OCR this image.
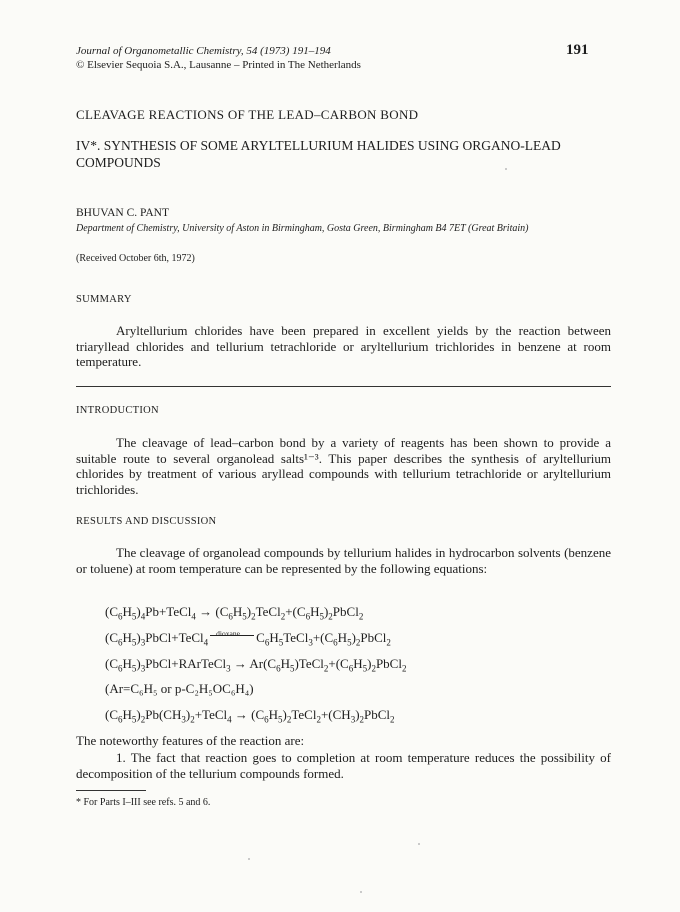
Journal of Organometallic Chemistry, 54 (1973) 191–194
© Elsevier Sequoia S.A., Lausanne – Printed in The Netherlands
191
CLEAVAGE REACTIONS OF THE LEAD–CARBON BOND
IV*. SYNTHESIS OF SOME ARYLTELLURIUM HALIDES USING ORGANO-LEAD COMPOUNDS
BHUVAN C. PANT
Department of Chemistry, University of Aston in Birmingham, Gosta Green, Birmingham B4 7ET (Great Britain)
(Received October 6th, 1972)
SUMMARY
Aryltellurium chlorides have been prepared in excellent yields by the reaction between triaryllead chlorides and tellurium tetrachloride or aryltellurium trichlorides in benzene at room temperature.
INTRODUCTION
The cleavage of lead–carbon bond by a variety of reagents has been shown to provide a suitable route to several organolead salts¹⁻³. This paper describes the synthesis of aryltellurium chlorides by treatment of various aryllead compounds with tellurium tetrachloride or aryltellurium trichlorides.
RESULTS AND DISCUSSION
The cleavage of organolead compounds by tellurium halides in hydrocarbon solvents (benzene or toluene) at room temperature can be represented by the following equations:
$(C_6H_5)_4Pb+TeCl_4$ → $(C_6H_5)_2TeCl_2+(C_6H_5)_2PbCl_2$
$(C_6H_5)_3PbCl+TeCl_4$
dioxane $C_6H_5TeCl_3+(C_6H_5)_2PbCl_2$
$(C_6H_5)_3PbCl+RArTeCl_3$ → $Ar(C_6H_5)TeCl_2+(C_6H_5)_2PbCl_2$
(Ar=C₆H₅ or p-C₂H₅OC₆H₄)
$(C_6H_5)_2Pb(CH_3)_2+TeCl_4$ → $(C_6H_5)_2TeCl_2+(CH_3)_2PbCl_2$
The noteworthy features of the reaction are:
1. The fact that reaction goes to completion at room temperature reduces the possibility of decomposition of the tellurium compounds formed.
* For Parts I–III see refs. 5 and 6.
